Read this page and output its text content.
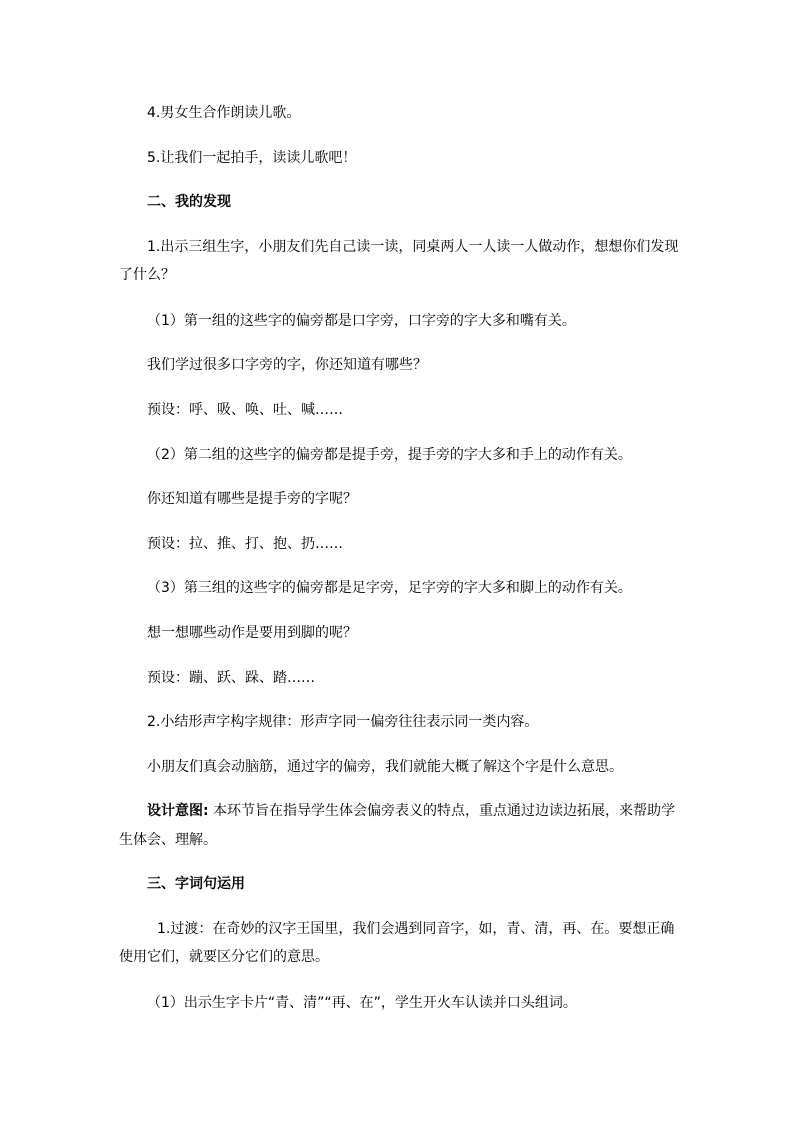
4.男女生合作朗读儿歌。
5.让我们一起拍手，读读儿歌吧！
二、我的发现
1.出示三组生字，小朋友们先自己读一读，同桌两人一人读一人做动作，想想你们发现
了什么？
（1）第一组的这些字的偏旁都是口字旁，口字旁的字大多和嘴有关。
我们学过很多口字旁的字，你还知道有哪些？
预设：呼、吸、唤、吐、喊……
（2）第二组的这些字的偏旁都是提手旁，提手旁的字大多和手上的动作有关。
你还知道有哪些是提手旁的字呢？
预设：拉、推、打、抱、扔……
（3）第三组的这些字的偏旁都是足字旁，足字旁的字大多和脚上的动作有关。
想一想哪些动作是要用到脚的呢？
预设：蹦、跃、跺、踏……
2.小结形声字构字规律：形声字同一偏旁往往表示同一类内容。
小朋友们真会动脑筋，通过字的偏旁，我们就能大概了解这个字是什么意思。
设计意图: 本环节旨在指导学生体会偏旁表义的特点，重点通过边读边拓展，来帮助学
生体会、理解。
三、字词句运用
1.过渡：在奇妙的汉字王国里，我们会遇到同音字，如，青、清，再、在。要想正确
使用它们，就要区分它们的意思。
（1）出示生字卡片“青、清”“再、在”，学生开火车认读并口头组词。
